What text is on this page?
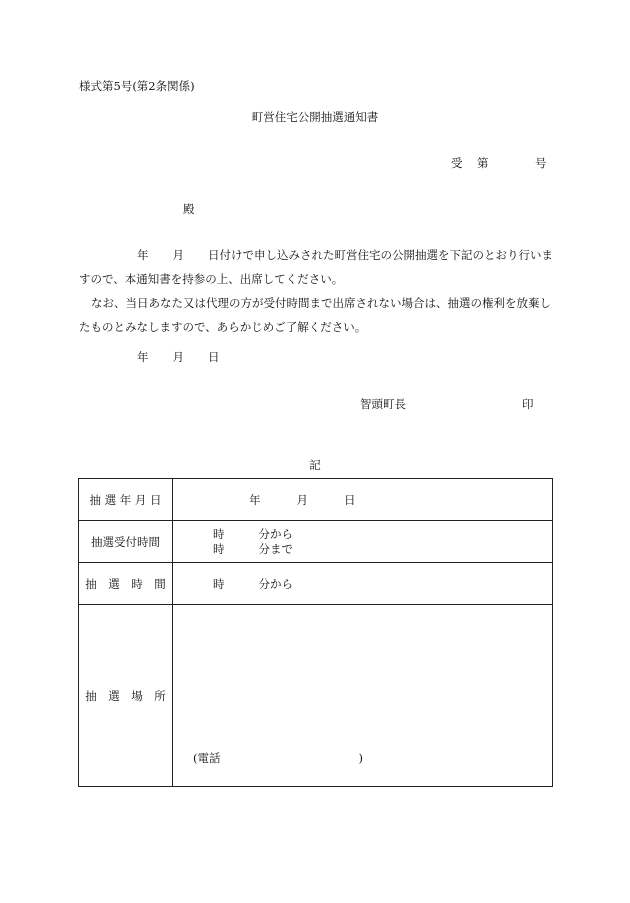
様式第5号(第2条関係)
町営住宅公開抽選通知書
受 第	号
殿
年 月 日付けで申し込みされた町営住宅の公開抽選を下記のとおり行いますので、本通知書を持参の上、出席してください。
なお、当日あなた又は代理の方が受付時間まで出席されない場合は、抽選の権利を放棄したものとみなしますので、あらかじめご了解ください。
年 月 日
智頭町長	印
記
抽 選 年 月 日	年 月 日
抽選受付時間	時 分から
時 分まで

抽　選　時　間	時 分から
抽　選　場　所	(電話 )
